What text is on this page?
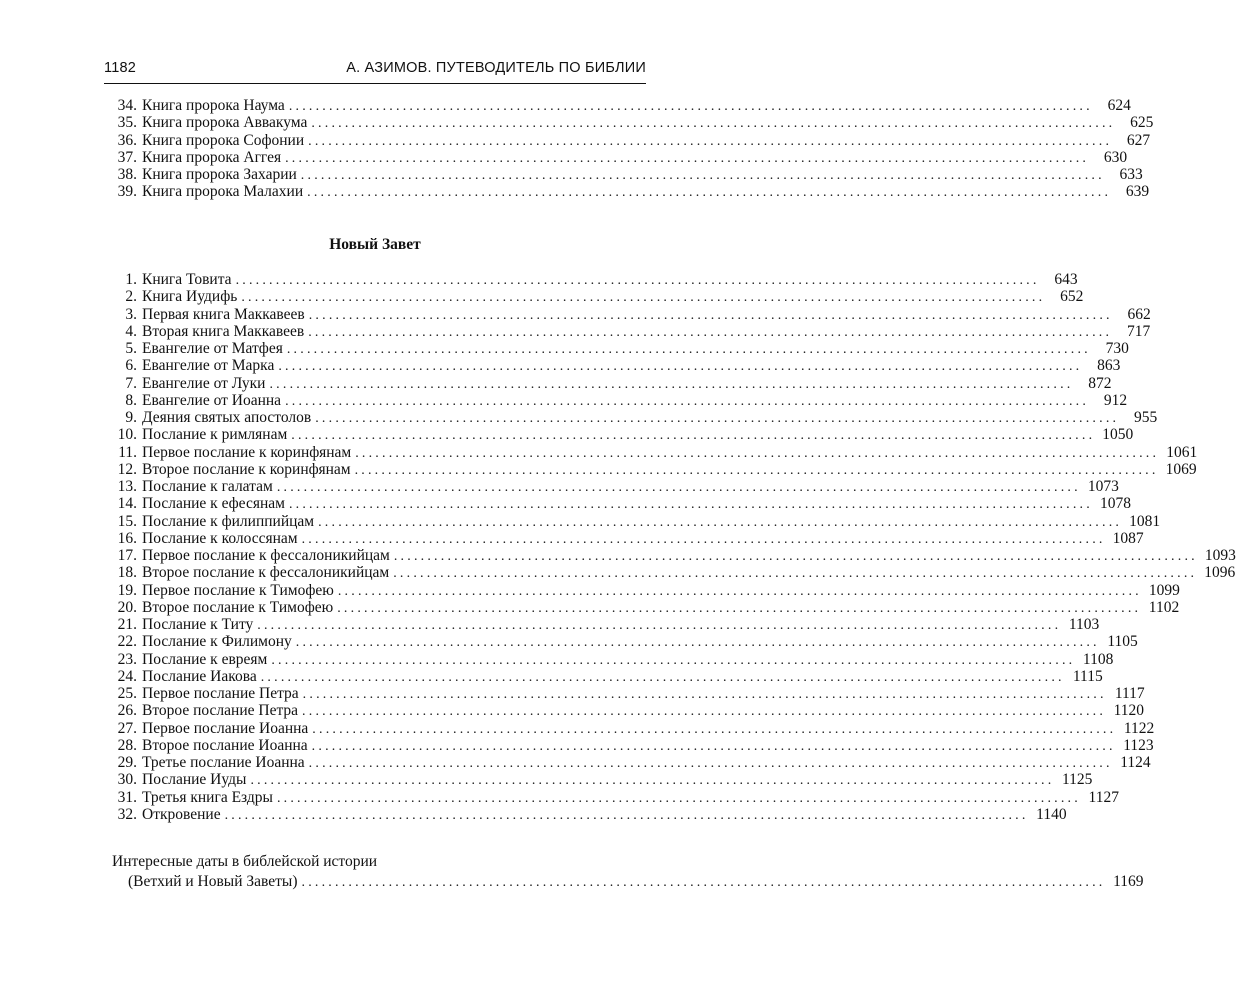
1182	А. АЗИМОВ. ПУТЕВОДИТЕЛЬ ПО БИБЛИИ
34. Книга пророка Наума ........................................................................................................................ 624
35. Книга пророка Аввакума ........................................................................................................................ 625
36. Книга пророка Софонии ........................................................................................................................ 627
37. Книга пророка Аггея ........................................................................................................................ 630
38. Книга пророка Захарии ........................................................................................................................ 633
39. Книга пророка Малахии ........................................................................................................................ 639
Новый Завет
1. Книга Товита ........................................................................................................................ 643
2. Книга Иудифь ........................................................................................................................ 652
3. Первая книга Маккавеев ........................................................................................................................ 662
4. Вторая книга Маккавеев ........................................................................................................................ 717
5. Евангелие от Матфея ........................................................................................................................ 730
6. Евангелие от Марка ........................................................................................................................ 863
7. Евангелие от Луки ........................................................................................................................ 872
8. Евангелие от Иоанна ........................................................................................................................ 912
9. Деяния святых апостолов ........................................................................................................................ 955
10. Послание к римлянам ........................................................................................................................ 1050
11. Первое послание к коринфянам ........................................................................................................................ 1061
12. Второе послание к коринфянам ........................................................................................................................ 1069
13. Послание к галатам ........................................................................................................................ 1073
14. Послание к ефесянам ........................................................................................................................ 1078
15. Послание к филиппийцам ........................................................................................................................ 1081
16. Послание к колоссянам ........................................................................................................................ 1087
17. Первое послание к фессалоникийцам ........................................................................................................................ 1093
18. Второе послание к фессалоникийцам ........................................................................................................................ 1096
19. Первое послание к Тимофею ........................................................................................................................ 1099
20. Второе послание к Тимофею ........................................................................................................................ 1102
21. Послание к Титу ........................................................................................................................ 1103
22. Послание к Филимону ........................................................................................................................ 1105
23. Послание к евреям ........................................................................................................................ 1108
24. Послание Иакова ........................................................................................................................ 1115
25. Первое послание Петра ........................................................................................................................ 1117
26. Второе послание Петра ........................................................................................................................ 1120
27. Первое послание Иоанна ........................................................................................................................ 1122
28. Второе послание Иоанна ........................................................................................................................ 1123
29. Третье послание Иоанна ........................................................................................................................ 1124
30. Послание Иуды ........................................................................................................................ 1125
31. Третья книга Ездры ........................................................................................................................ 1127
32. Откровение ........................................................................................................................ 1140
Интересные даты в библейской истории
(Ветхий и Новый Заветы) ........................................................................................................................ 1169
